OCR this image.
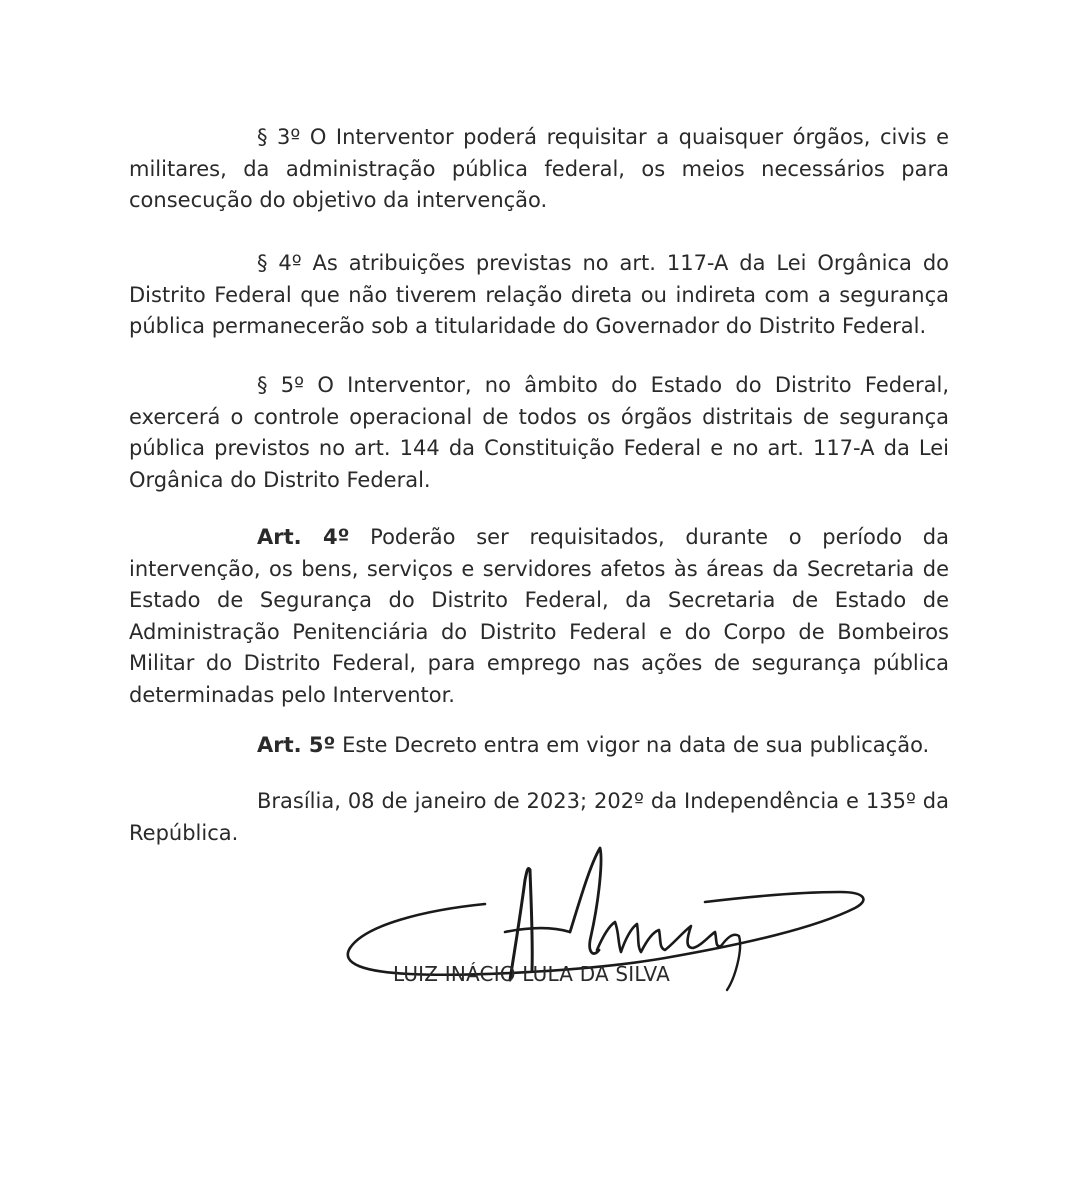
§ 3º O Interventor poderá requisitar a quaisquer órgãos, civis e militares, da administração pública federal, os meios necessários para consecução do objetivo da intervenção.

§ 4º As atribuições previstas no art. 117-A da Lei Orgânica do Distrito Federal que não tiverem relação direta ou indireta com a segurança pública permanecerão sob a titularidade do Governador do Distrito Federal.

§ 5º O Interventor, no âmbito do Estado do Distrito Federal, exercerá o controle operacional de todos os órgãos distritais de segurança pública previstos no art. 144 da Constituição Federal e no art. 117-A da Lei Orgânica do Distrito Federal.

Art. 4º Poderão ser requisitados, durante o período da intervenção, os bens, serviços e servidores afetos às áreas da Secretaria de Estado de Segurança do Distrito Federal, da Secretaria de Estado de Administração Penitenciária do Distrito Federal e do Corpo de Bombeiros Militar do Distrito Federal, para emprego nas ações de segurança pública determinadas pelo Interventor.

Art. 5º Este Decreto entra em vigor na data de sua publicação.

Brasília, 08 de janeiro de 2023; 202º da Independência e 135º da República.

LUIZ INÁCIO LULA DA SILVA
